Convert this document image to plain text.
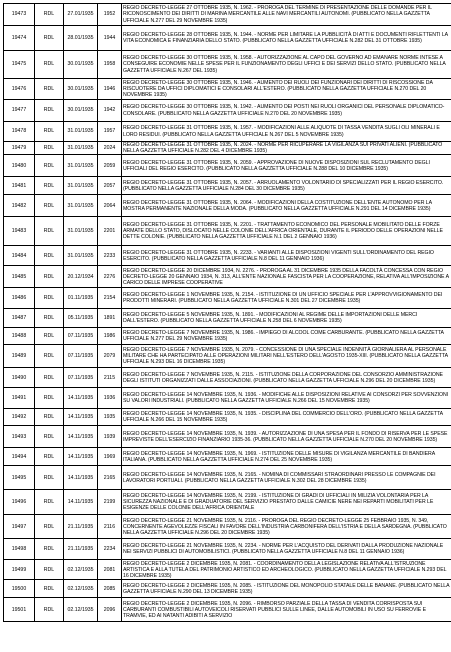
19473	RDL	27.01/1935	1952	REGIO DECRETO-LEGGE 27 OTTOBRE 1935, N. 1962. - PROROGA DEL TERMINE DI PRESENTAZIONE DELLE DOMANDE PER IL RICONOSCIMENTO DEI DIRITTI DI MARINA MERCANTILE ALLE NAVI MERCANTILI AUTONOMI. (PUBBLICATO NELLA GAZZETTA UFFICIALE N.277 DEL 29 NOVEMBRE 1935)

19474	RDL	28.01/1935	1944	REGIO DECRETO-LEGGE 28 OTTOBRE 1935, N. 1944. - NORME PER LIMITARE LA PUBBLICITÀ DI ATTI E DOCUMENTI RIFLETTENTI LA VITA ECONOMICA E FINANZIARIA DELLO STATO. (PUBBLICATO NELLA GAZZETTA UFFICIALE N.282 DEL 31 OTTOBRE 1935)

19475	RDL	30.01/1935	1958	REGIO DECRETO-LEGGE 30 OTTOBRE 1935, N. 1958. - AUTORIZZAZIONE AL CAPO DEL GOVERNO AD EMANARE NORME INTESE A CONSEGUIRE ECONOMIE NELLE SPESE PER IL FUNZIONAMENTO DEGLI UFFICI E DEI SERVIZI DELLO STATO. (PUBBLICATO NELLA GAZZETTA UFFICIALE N.267 DEL 1935)

19476	RDL	30.01/1935	1946	REGIO DECRETO-LEGGE 30 OTTOBRE 1935, N. 1946. - AUMENTO DEI RUOLI DEI FUNZIONARI DEI DIRITTI DI RISCOSSIONE DA RISCUOTERE DA UFFICI DIPLOMATICI E CONSOLARI ALL'ESTERO. (PUBBLICATO NELLA GAZZETTA UFFICIALE N.270 DEL 20 NOVEMBRE 1935)

19477	RDL	30.01/1935	1942	REGIO DECRETO-LEGGE 30 OTTOBRE 1935, N. 1942. - AUMENTO DEI POSTI NEI RUOLI ORGANICI DEL PERSONALE DIPLOMATICO-CONSOLARE. (PUBBLICATO NELLA GAZZETTA UFFICIALE N.270 DEL 20 NOVEMBRE 1935)

19478	RDL	31.01/1935	1957	REGIO DECRETO-LEGGE 31 OTTOBRE 1935, N. 1957. - MODIFICAZIONI ALLE ALIQUOTE DI TASSA VENDITA SUGLI OLI MINERALI E LORO RESIDUI. (PUBBLICATO NELLA GAZZETTA UFFICIALE N.267 DEL 5 NOVEMBRE 1935)

19479	RDL	31.01/1935	2024	REGIO DECRETO-LEGGE 31 OTTOBRE 1935, N. 2024. - NORME PER RICUPERARE LA VIGILANZA SUI PRIVATI ALIENI. (PUBBLICATO NELLA GAZZETTA UFFICIALE N.282 DEL 4 DICEMBRE 1935)

19480	RDL	31.01/1935	2059	REGIO DECRETO-LEGGE 31 OTTOBRE 1935, N. 2059. - APPROVAZIONE DI NUOVE DISPOSIZIONI SUL RECLUTAMENTO DEGLI UFFICIALI DEL REGIO ESERCITO. (PUBBLICATO NELLA GAZZETTA UFFICIALE N.288 DEL 10 DICEMBRE 1935)

19481	RDL	31.01/1935	2057	REGIO DECRETO-LEGGE 31 OTTOBRE 1935, N. 2057. - ARRUOLAMENTO VOLONTARIO DI SPECIALIZZATI PER IL REGIO ESERCITO. (PUBBLICATO NELLA GAZZETTA UFFICIALE N.284 DEL 30 DICEMBRE 1935)

19482	RDL	31.01/1935	2064	REGIO DECRETO-LEGGE 31 OTTOBRE 1935, N. 2064. - MODIFICAZIONI DELLA COSTITUZIONE DELL'ENTE AUTONOMO PER LA MOSTRA PERMANENTE NAZIONALE DELLA MODA. (PUBBLICATO NELLA GAZZETTA UFFICIALE N.291 DEL 14 DICEMBRE 1935)

19483	RDL	31.01/1935	2201	REGIO DECRETO-LEGGE 31 OTTOBRE 1935, N. 2201. - TRATTAMENTO ECONOMICO DEL PERSONALE MOBILITATO DELLE FORZE ARMATE DELLO STATO, DISLOCATO NELLE COLONIE DELL'AFRICA ORIENTALE, DURANTE IL PERIODO DELLE OPERAZIONI NELLE DETTE COLONIE. (PUBBLICATO NELLA GAZZETTA UFFICIALE N.1 DEL 2 GENNAIO 1936)

19484	RDL	31.01/1935	2233	REGIO DECRETO-LEGGE 31 OTTOBRE 1935, N. 2233. - VARIANTI ALLE DISPOSIZIONI VIGENTI SULL'ORDINAMENTO DEL REGIO ESERCITO. (PUBBLICATO NELLA GAZZETTA UFFICIALE N.8 DEL 11 GENNAIO 1936)

19485	RDL	20.12/1934	2276	REGIO DECRETO-LEGGE 20 DICEMBRE 1934, N. 2276. - PROROGA AL 31 DICEMBRE 1935 DELLA FACOLTÀ CONCESSA CON REGIO DECRETO-LEGGE 20 GENNAIO 1934, N. 313, ALL'ENTE NAZIONALE FASCISTA PER LA COOPERAZIONE, RELATIVA ALL'IMPOSIZIONE A CARICO DELLE IMPRESE COOPERATIVE

19486	RDL	01.11/1935	2154	REGIO DECRETO-LEGGE 1 NOVEMBRE 1935, N. 2154. - ISTITUZIONE DI UN UFFICIO SPECIALE PER L'APPROVVIGIONAMENTO DEI PRODOTTI MINERARI. (PUBBLICATO NELLA GAZZETTA UFFICIALE N.301 DEL 27 DICEMBRE 1935)

19487	RDL	05.11/1935	1891	REGIO DECRETO-LEGGE 5 NOVEMBRE 1935, N. 1891. - MODIFICAZIONI AL REGIME DELLE IMPORTAZIONI DELLE MERCI DALL'ESTERO. (PUBBLICATO NELLA GAZZETTA UFFICIALE N.258 DEL 6 NOVEMBRE 1935)

19488	RDL	07.11/1935	1986	REGIO DECRETO-LEGGE 7 NOVEMBRE 1935, N. 1986. - IMPIEGO DI ALCOOL COME CARBURANTE. (PUBBLICATO NELLA GAZZETTA UFFICIALE N.277 DEL 29 NOVEMBRE 1935)

19489	RDL	07.11/1935	2079	REGIO DECRETO-LEGGE 7 NOVEMBRE 1935, N. 2079. - CONCESSIONE DI UNA SPECIALE INDENNITÀ GIORNALIERA AL PERSONALE MILITARE CHE HA PARTECIPATO ALLE OPERAZIONI MILITARI NELL'ESTERO DELL'AGOSTO 1935-XIII. (PUBBLICATO NELLA GAZZETTA UFFICIALE N.293 DEL 16 DICEMBRE 1935)

19490	RDL	07.11/1935	2115	REGIO DECRETO-LEGGE 7 NOVEMBRE 1935, N. 2115. - ISTITUZIONE DELLA CORPORAZIONE DEL CONSORZIO AMMINISTRAZIONE DEGLI ISTITUTI ORGANIZZATI DALLE ASSOCIAZIONI. (PUBBLICATO NELLA GAZZETTA UFFICIALE N.296 DEL 20 DICEMBRE 1935)

19491	RDL	14.11/1935	1936	REGIO DECRETO-LEGGE 14 NOVEMBRE 1935, N. 1936. - MODIFICHE ALLE DISPOSIZIONI RELATIVE AI CONSORZI PER SOVVENZIONI SU VALORI INDUSTRIALI. (PUBBLICATO NELLA GAZZETTA UFFICIALE N.266 DEL 15 NOVEMBRE 1935)

19492	RDL	14.11/1935	1935	REGIO DECRETO-LEGGE 14 NOVEMBRE 1935, N. 1935. - DISCIPLINA DEL COMMERCIO DELL'ORO. (PUBBLICATO NELLA GAZZETTA UFFICIALE N.266 DEL 15 NOVEMBRE 1935)

19493	RDL	14.11/1935	1939	REGIO DECRETO-LEGGE 14 NOVEMBRE 1935, N. 1939. - AUTORIZZAZIONE DI UNA SPESA PER IL FONDO DI RISERVA PER LE SPESE IMPREVISTE DELL'ESERCIZIO FINANZIARIO 1935-36. (PUBBLICATO NELLA GAZZETTA UFFICIALE N.270 DEL 20 NOVEMBRE 1935)

19494	RDL	14.11/1935	1969	REGIO DECRETO-LEGGE 14 NOVEMBRE 1935, N. 1969. - ISTITUZIONE DELLE MISURE DI VIGILANZA MERCANTILE DI BANDIERA ITALIANA. (PUBBLICATO NELLA GAZZETTA UFFICIALE N.274 DEL 25 NOVEMBRE 1935)

19495	RDL	14.11/1935	2165	REGIO DECRETO-LEGGE 14 NOVEMBRE 1935, N. 2165. - NOMINA DI COMMISSARI STRAORDINARI PRESSO LE COMPAGNIE DEI LAVORATORI PORTUALI. (PUBBLICATO NELLA GAZZETTA UFFICIALE N.302 DEL 28 DICEMBRE 1935)

19496	RDL	14.11/1935	2199	REGIO DECRETO-LEGGE 14 NOVEMBRE 1935, N. 2199. - ISTITUZIONE DI GRADI DI UFFICIALI IN MILIZIA VOLONTARIA PER LA SICUREZZA NAZIONALE E DI GRADUATORIE DEL SERVIZIO PRESTATO DALLE CAMICIE NERE NEI REPARTI MOBILITATI PER LE ESIGENZE DELLE COLONIE DELL'AFRICA ORIENTALE

19497	RDL	21.11/1935	2116	REGIO DECRETO-LEGGE 21 NOVEMBRE 1935, N. 2116. - PROROGA DEL REGIO DECRETO-LEGGE 25 FEBBRAIO 1935, N. 349, CONCERNENTE AGEVOLEZZE FISCALI IN FAVORE DELL'INDUSTRIA CARBONIFERA DELL'ISTRIA E DELLA SARDEGNA. (PUBBLICATO NELLA GAZZETTA UFFICIALE N.296 DEL 20 DICEMBRE 1935)

19498	RDL	21.11/1935	2234	REGIO DECRETO-LEGGE 21 NOVEMBRE 1935, N. 2234. - NORME PER L'ACQUISTO DEL DERIVATI DALLA PRODUZIONE NAZIONALE NEI SERVIZI PUBBLICI DI AUTOMOBILISTICI. (PUBBLICATO NELLA GAZZETTA UFFICIALE N.8 DEL 11 GENNAIO 1936)

19499	RDL	02.12/1935	2081	REGIO DECRETO-LEGGE 2 DICEMBRE 1935, N. 2081. - COORDINAMENTO DELLA LEGISLAZIONE RELATIVA ALL'ISTRUZIONE ARTISTICA E ALLA TUTELA DEL PATRIMONIO ARTISTICO ED ARCHEOLOGICO. (PUBBLICATO NELLA GAZZETTA UFFICIALE N.293 DEL 16 DICEMBRE 1935)

19500	RDL	02.12/1935	2085	REGIO DECRETO-LEGGE 2 DICEMBRE 1935, N. 2085. - ISTITUZIONE DEL MONOPOLIO STATALE DELLE BANANE. (PUBBLICATO NELLA GAZZETTA UFFICIALE N.290 DEL 13 DICEMBRE 1935)

19501	RDL	02.12/1935	2096	REGIO DECRETO-LEGGE 2 DICEMBRE 1935, N. 2096. - RIMBORSO PARZIALE DELLA TASSA DI VENDITA CORRISPOSTA SUI CARBURANTI COMBUSTIBILI AUTOVEICOLI RISERVATI PUBBLICI SULLE LINEE, DALLE AUTOMOBILI IN USO SU FERROVIE E TRAMVIE, ED AI NATANTI ADIBITI A SERVIZIO
